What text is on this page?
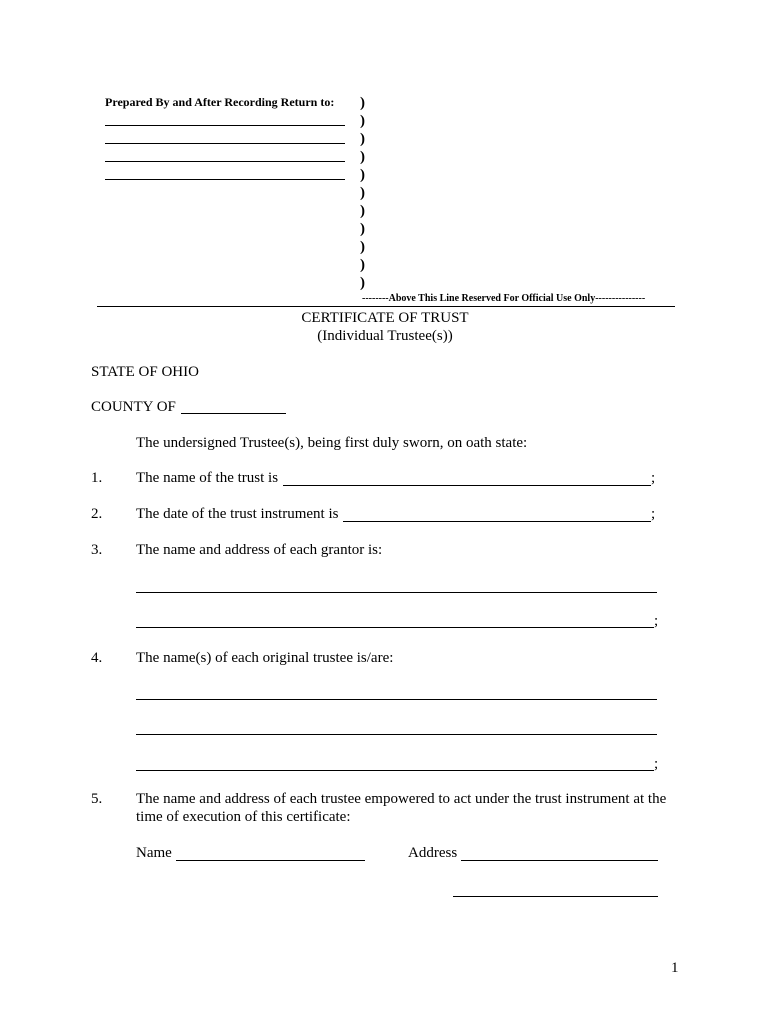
Prepared By and After Recording Return to: )
)
)
)
)
)
)
)
)
)
)
--------Above This Line Reserved For Official Use Only---------------
CERTIFICATE OF TRUST
(Individual Trustee(s))
STATE OF OHIO
COUNTY OF
The undersigned Trustee(s), being first duly sworn, on oath state:
1. The name of the trust is	;
2. The date of the trust instrument is	;
3. The name and address of each grantor is:
;
4. The name(s) of each original trustee is/are:
;
5. The name and address of each trustee empowered to act under the trust instrument at the
time of execution of this certificate:
Name	Address
1
